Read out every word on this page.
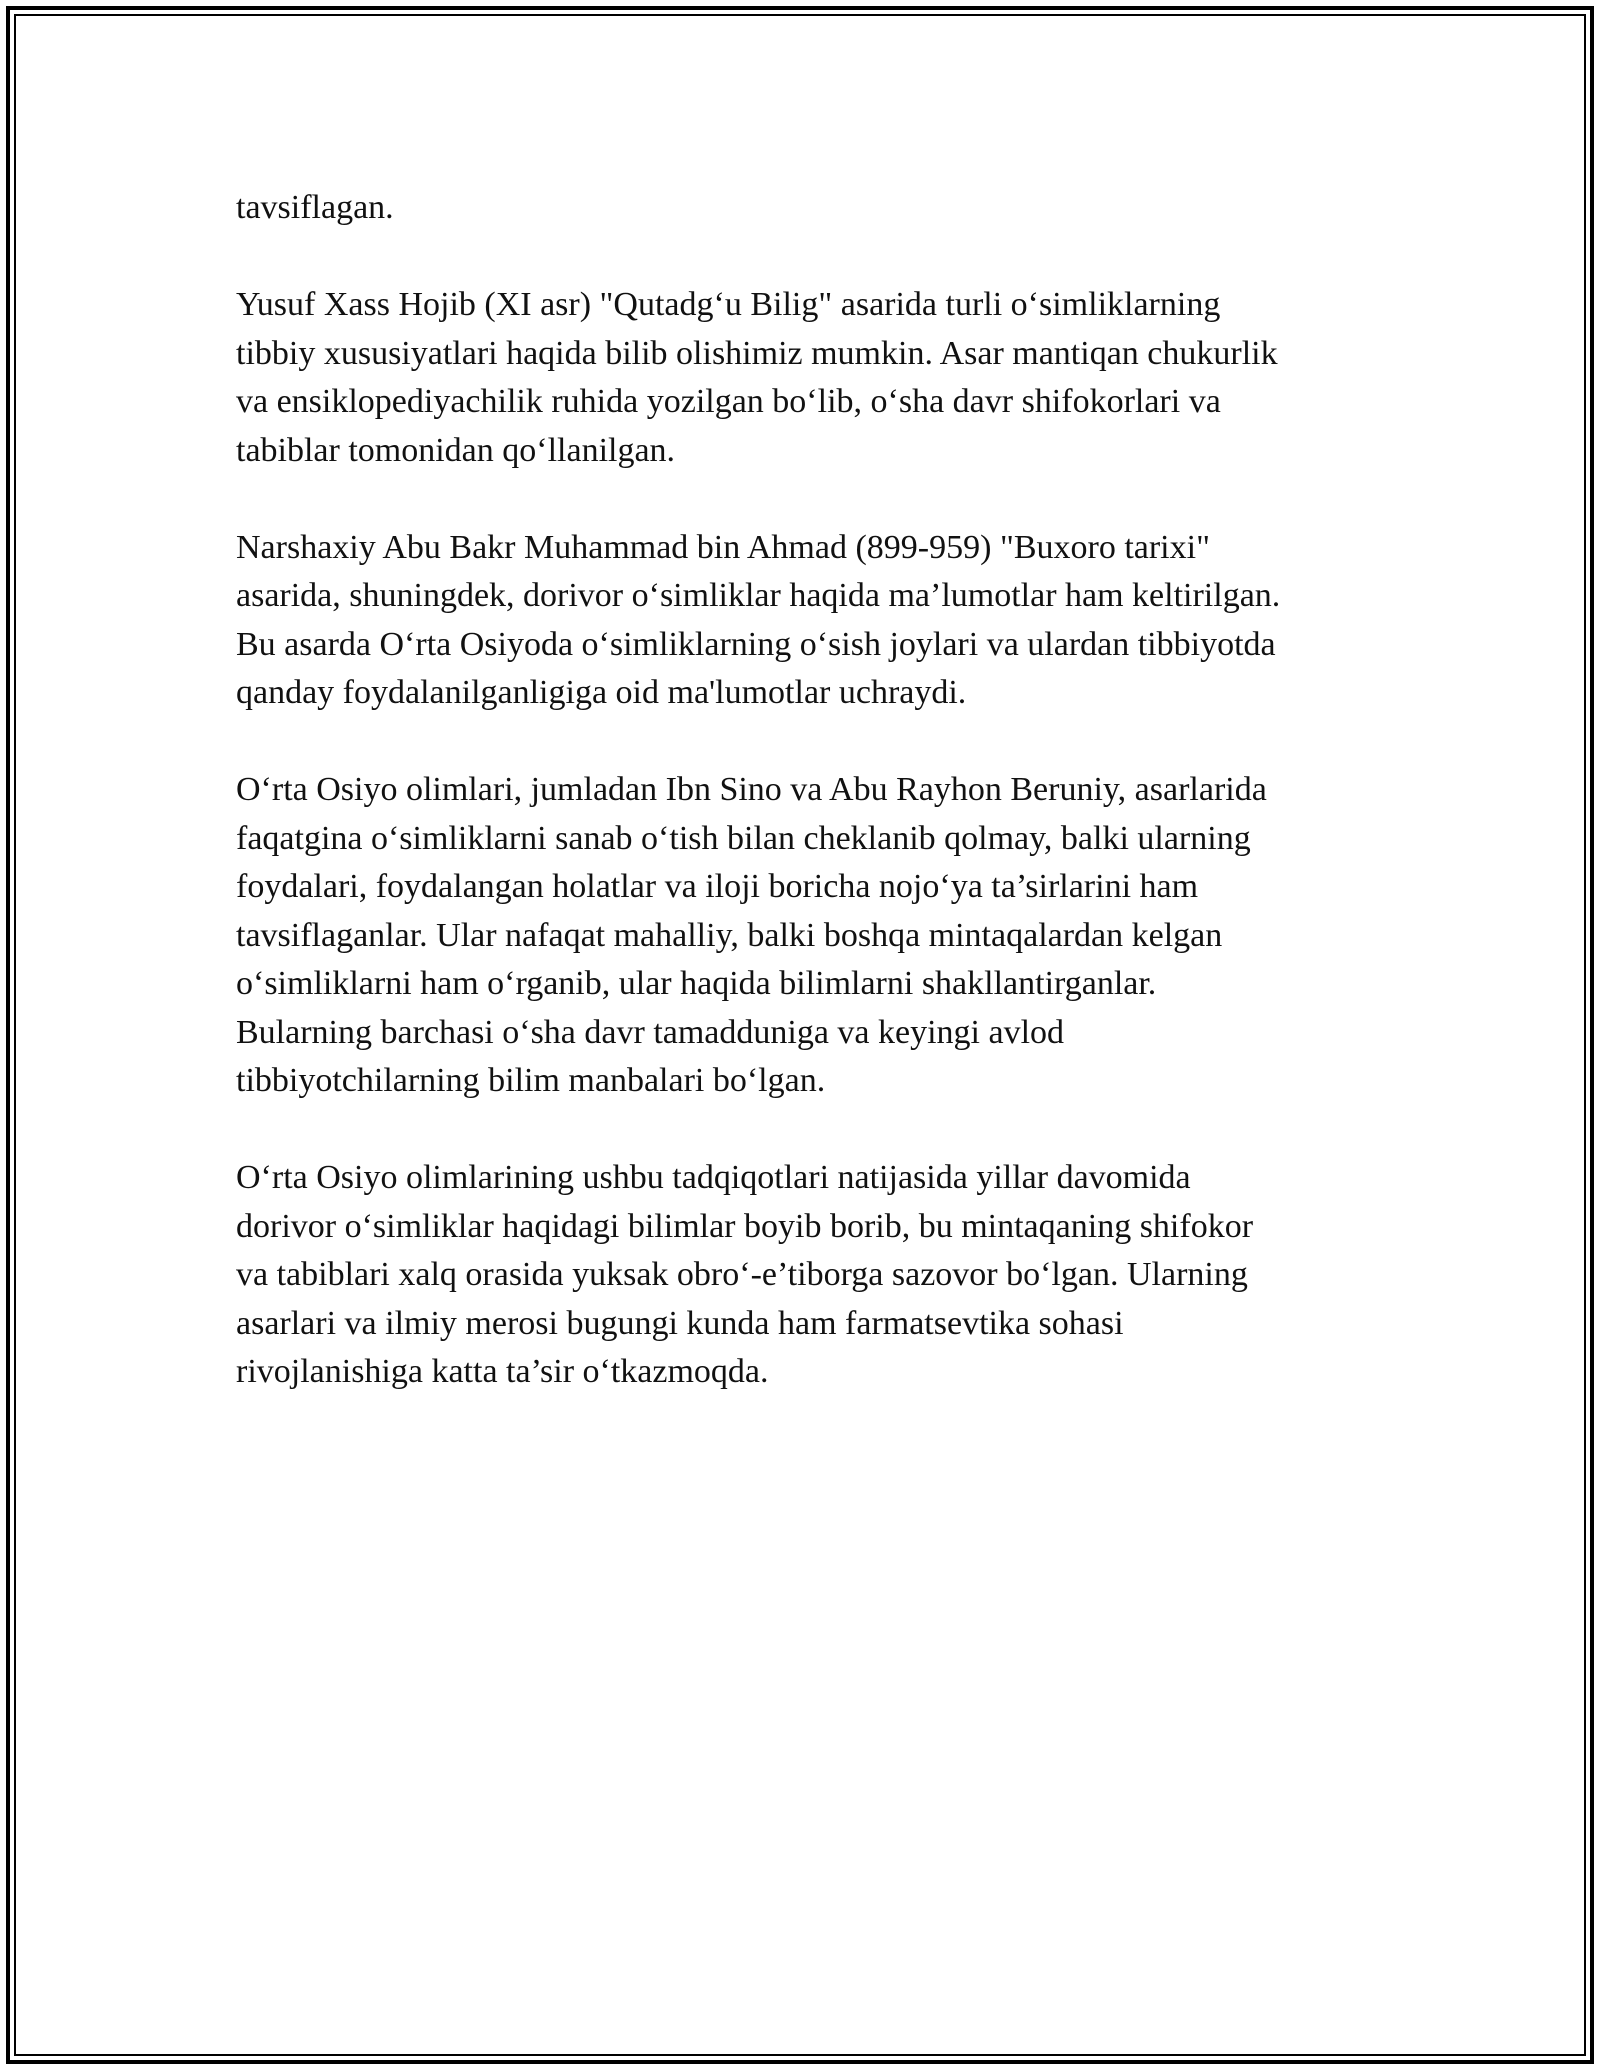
tavsiflagan.

Yusuf Xass Hojib (XI asr) "Qutadg‘u Bilig" asarida turli o‘simliklarning
tibbiy xususiyatlari haqida bilib olishimiz mumkin. Asar mantiqan chukurlik
va ensiklopediyachilik ruhida yozilgan bo‘lib, o‘sha davr shifokorlari va
tabiblar tomonidan qo‘llanilgan.

Narshaxiy Abu Bakr Muhammad bin Ahmad (899-959) "Buxoro tarixi"
asarida, shuningdek, dorivor o‘simliklar haqida ma’lumotlar ham keltirilgan.
Bu asarda O‘rta Osiyoda o‘simliklarning o‘sish joylari va ulardan tibbiyotda
qanday foydalanilganligiga oid ma'lumotlar uchraydi.

O‘rta Osiyo olimlari, jumladan Ibn Sino va Abu Rayhon Beruniy, asarlarida
faqatgina o‘simliklarni sanab o‘tish bilan cheklanib qolmay, balki ularning
foydalari, foydalangan holatlar va iloji boricha nojo‘ya ta’sirlarini ham
tavsiflaganlar. Ular nafaqat mahalliy, balki boshqa mintaqalardan kelgan
o‘simliklarni ham o‘rganib, ular haqida bilimlarni shakllantirganlar.
Bularning barchasi o‘sha davr tamadduniga va keyingi avlod
tibbiyotchilarning bilim manbalari bo‘lgan.

O‘rta Osiyo olimlarining ushbu tadqiqotlari natijasida yillar davomida
dorivor o‘simliklar haqidagi bilimlar boyib borib, bu mintaqaning shifokor
va tabiblari xalq orasida yuksak obro‘-e’tiborga sazovor bo‘lgan. Ularning
asarlari va ilmiy merosi bugungi kunda ham farmatsevtika sohasi
rivojlanishiga katta ta’sir o‘tkazmoqda.
